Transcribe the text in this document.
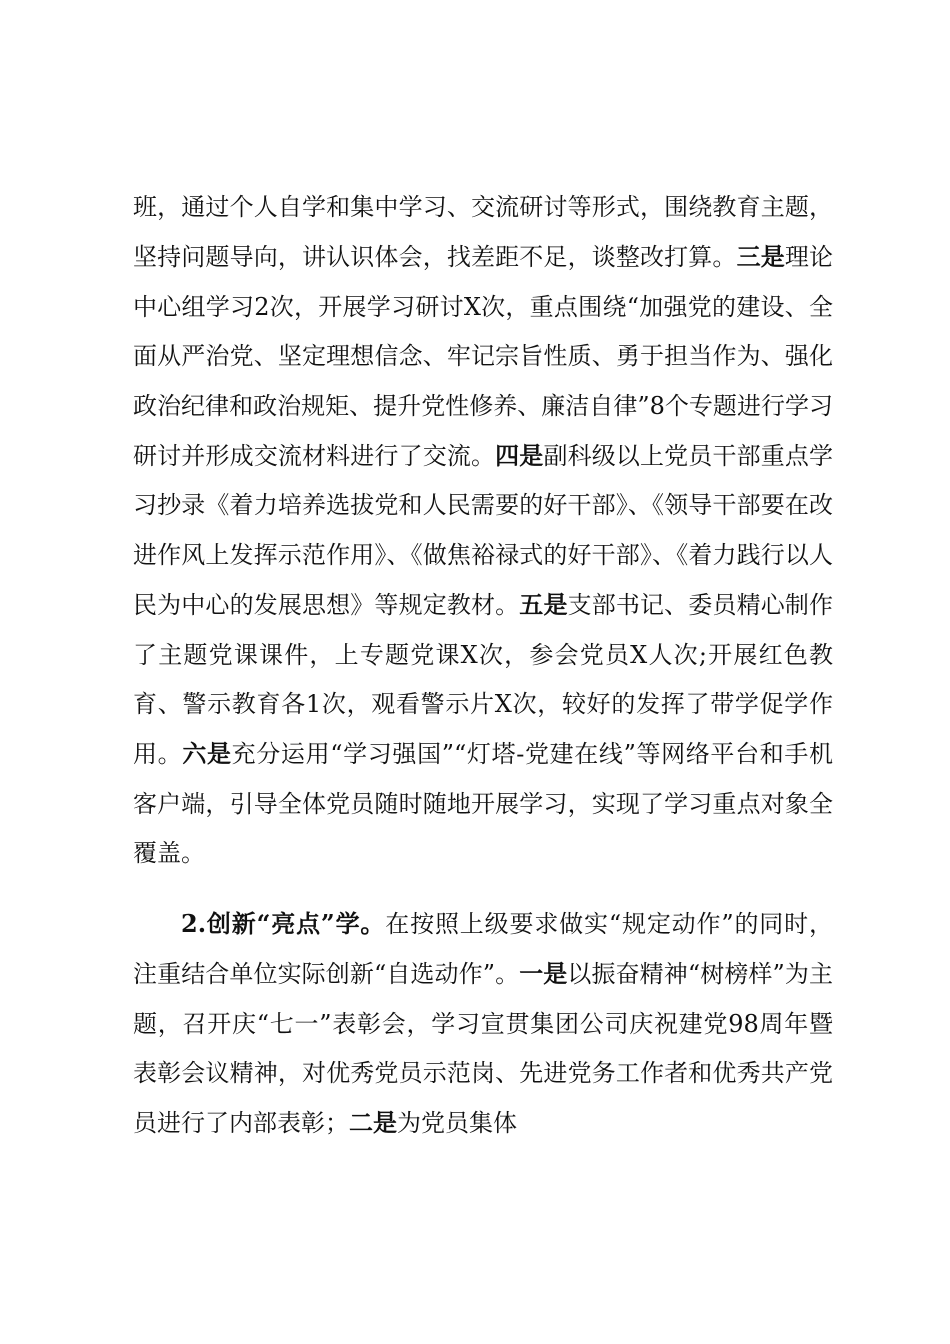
班，通过个人自学和集中学习、交流研讨等形式，围绕教育主题，坚持问题导向，讲认识体会，找差距不足，谈整改打算。三是理论中心组学习2次，开展学习研讨X次，重点围绕“加强党的建设、全面从严治党、坚定理想信念、牢记宗旨性质、勇于担当作为、强化政治纪律和政治规矩、提升党性修养、廉洁自律”8个专题进行学习研讨并形成交流材料进行了交流。四是副科级以上党员干部重点学习抄录《着力培养选拔党和人民需要的好干部》、《领导干部要在改进作风上发挥示范作用》、《做焦裕禄式的好干部》、《着力践行以人民为中心的发展思想》等规定教材。五是支部书记、委员精心制作了主题党课课件，上专题党课X次，参会党员X人次;开展红色教育、警示教育各1次，观看警示片X次，较好的发挥了带学促学作用。六是充分运用“学习强国”“灯塔-党建在线”等网络平台和手机客户端，引导全体党员随时随地开展学习，实现了学习重点对象全覆盖。

2.创新“亮点”学。在按照上级要求做实“规定动作”的同时，注重结合单位实际创新“自选动作”。一是以振奋精神“树榜样”为主题，召开庆“七一”表彰会，学习宣贯集团公司庆祝建党98周年暨表彰会议精神，对优秀党员示范岗、先进党务工作者和优秀共产党员进行了内部表彰；二是为党员集体
